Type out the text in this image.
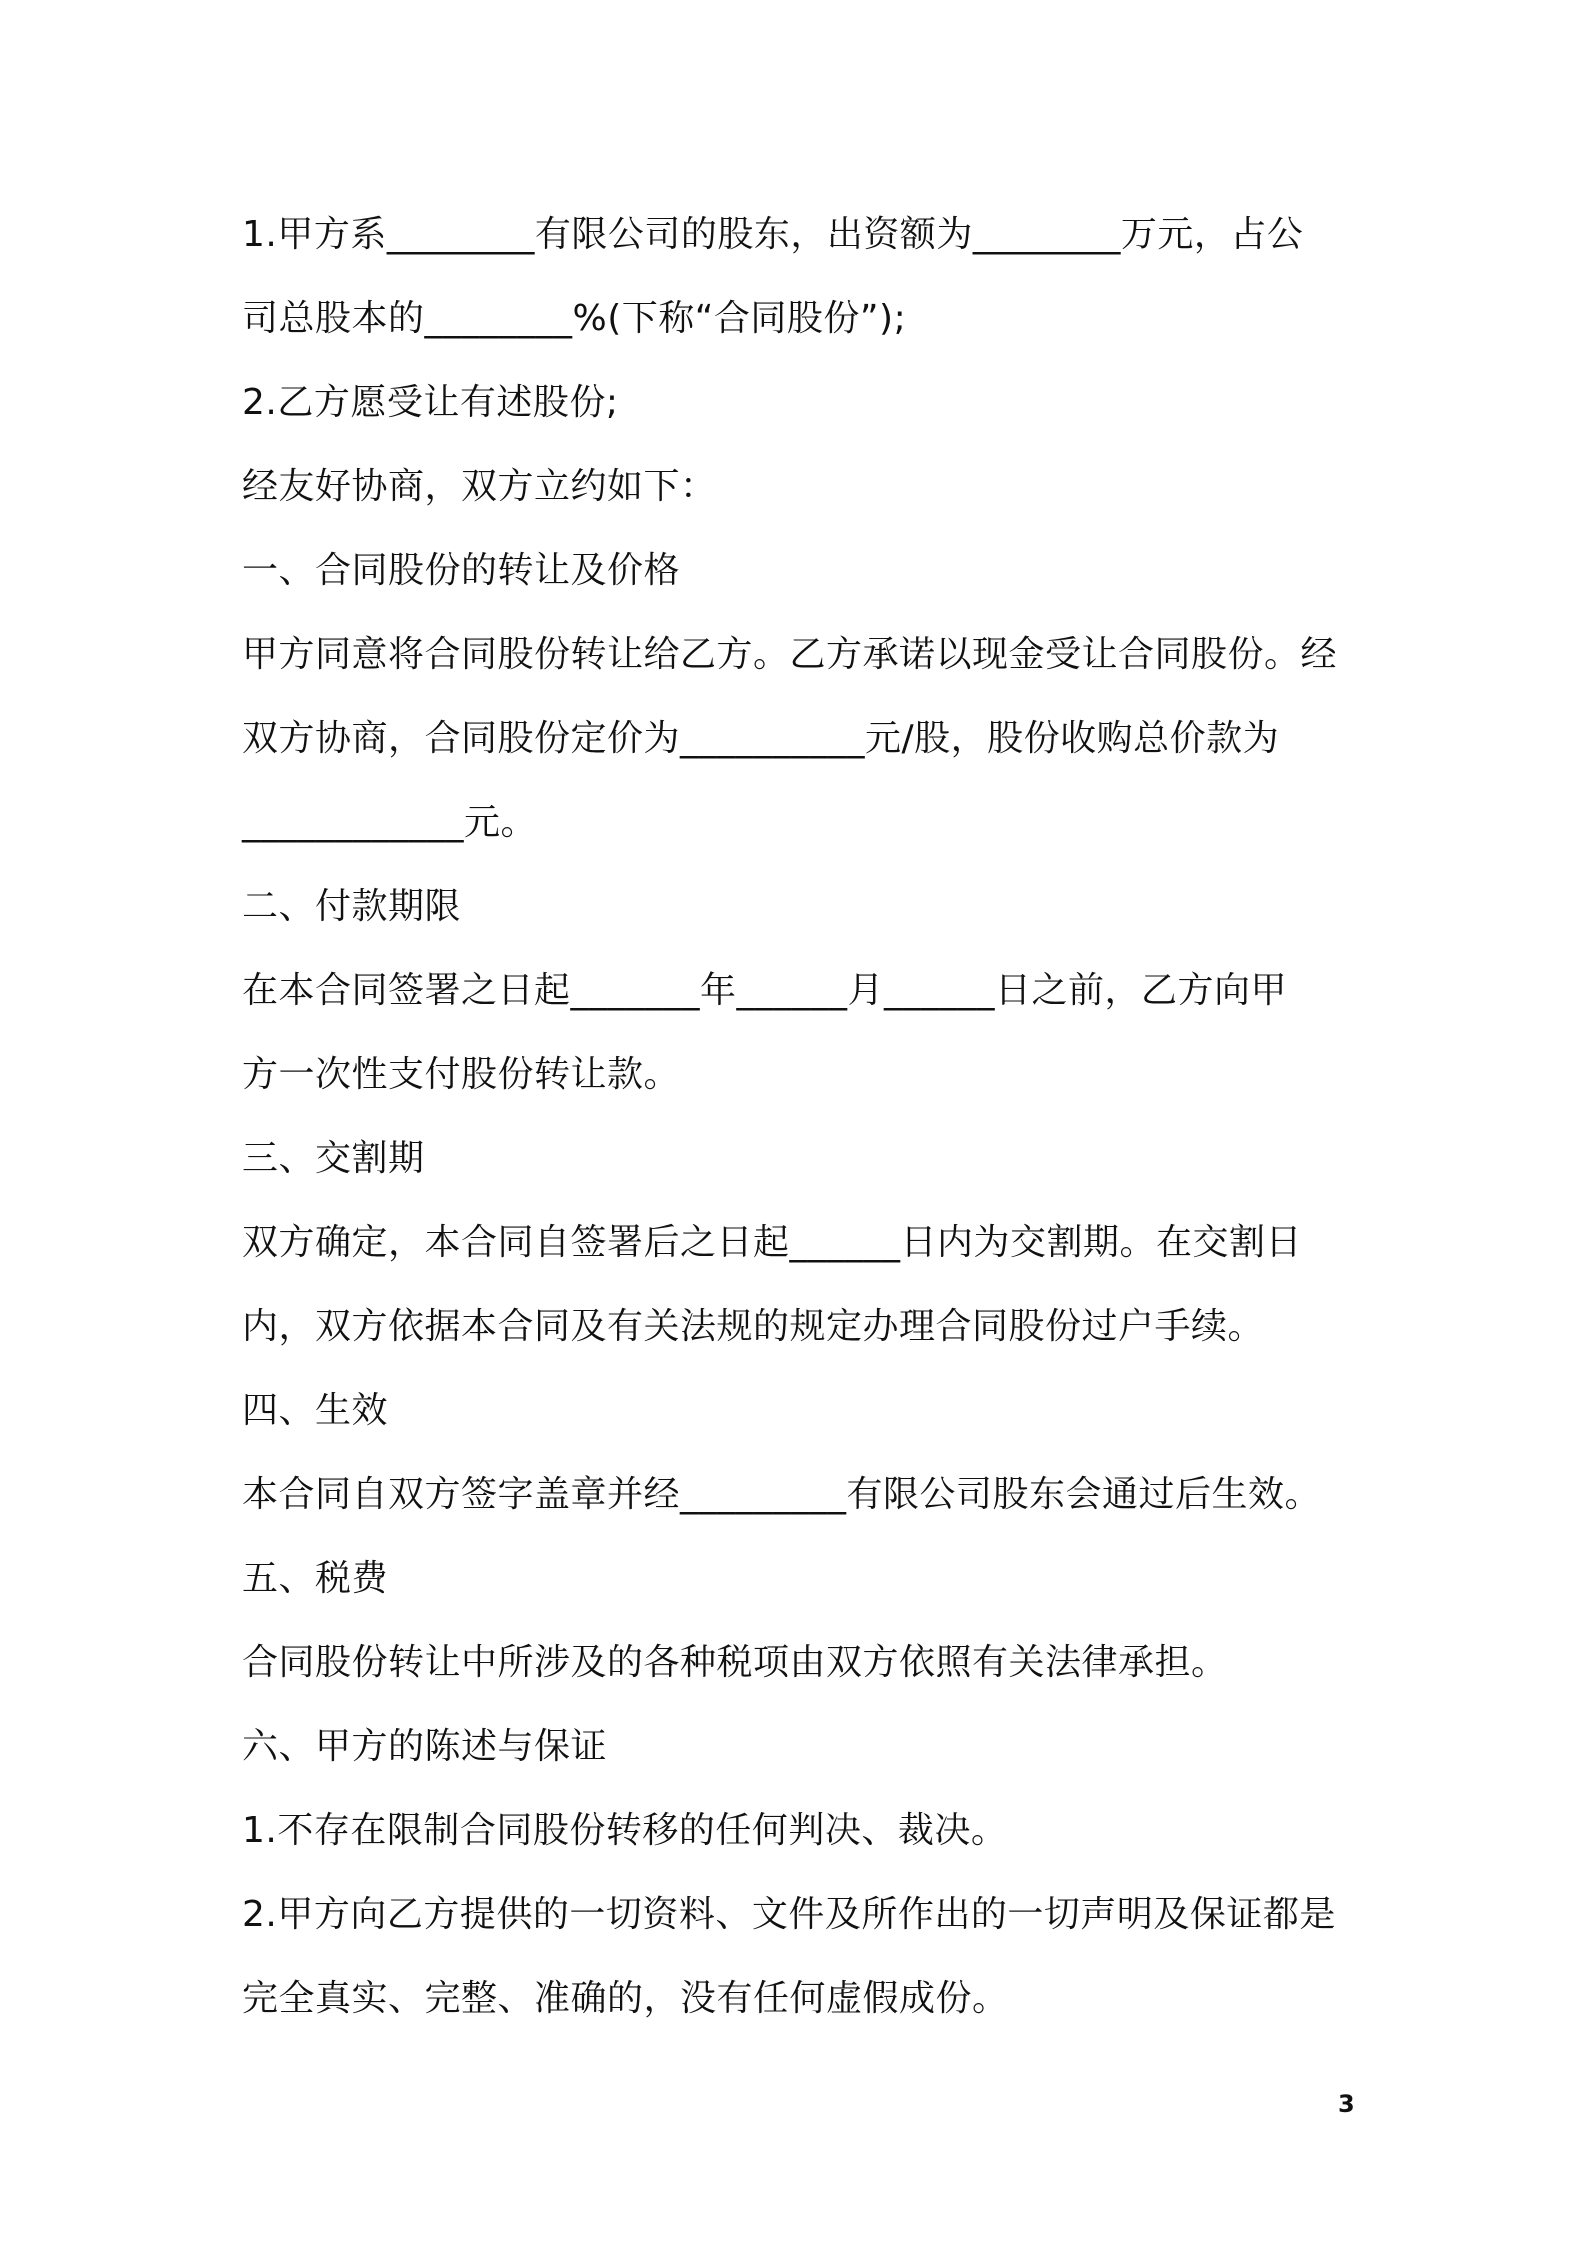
1.甲方系________有限公司的股东，出资额为________万元，占公
司总股本的________%(下称“合同股份”);
2.乙方愿受让有述股份;
经友好协商，双方立约如下：
一、合同股份的转让及价格
甲方同意将合同股份转让给乙方。乙方承诺以现金受让合同股份。经
双方协商，合同股份定价为__________元/股，股份收购总价款为
____________元。
二、付款期限
在本合同签署之日起_______年______月______日之前，乙方向甲
方一次性支付股份转让款。
三、交割期
双方确定，本合同自签署后之日起______日内为交割期。在交割日
内，双方依据本合同及有关法规的规定办理合同股份过户手续。
四、生效
本合同自双方签字盖章并经_________有限公司股东会通过后生效。
五、税费
合同股份转让中所涉及的各种税项由双方依照有关法律承担。
六、甲方的陈述与保证
1.不存在限制合同股份转移的任何判决、裁决。
2.甲方向乙方提供的一切资料、文件及所作出的一切声明及保证都是
完全真实、完整、准确的，没有任何虚假成份。
3
